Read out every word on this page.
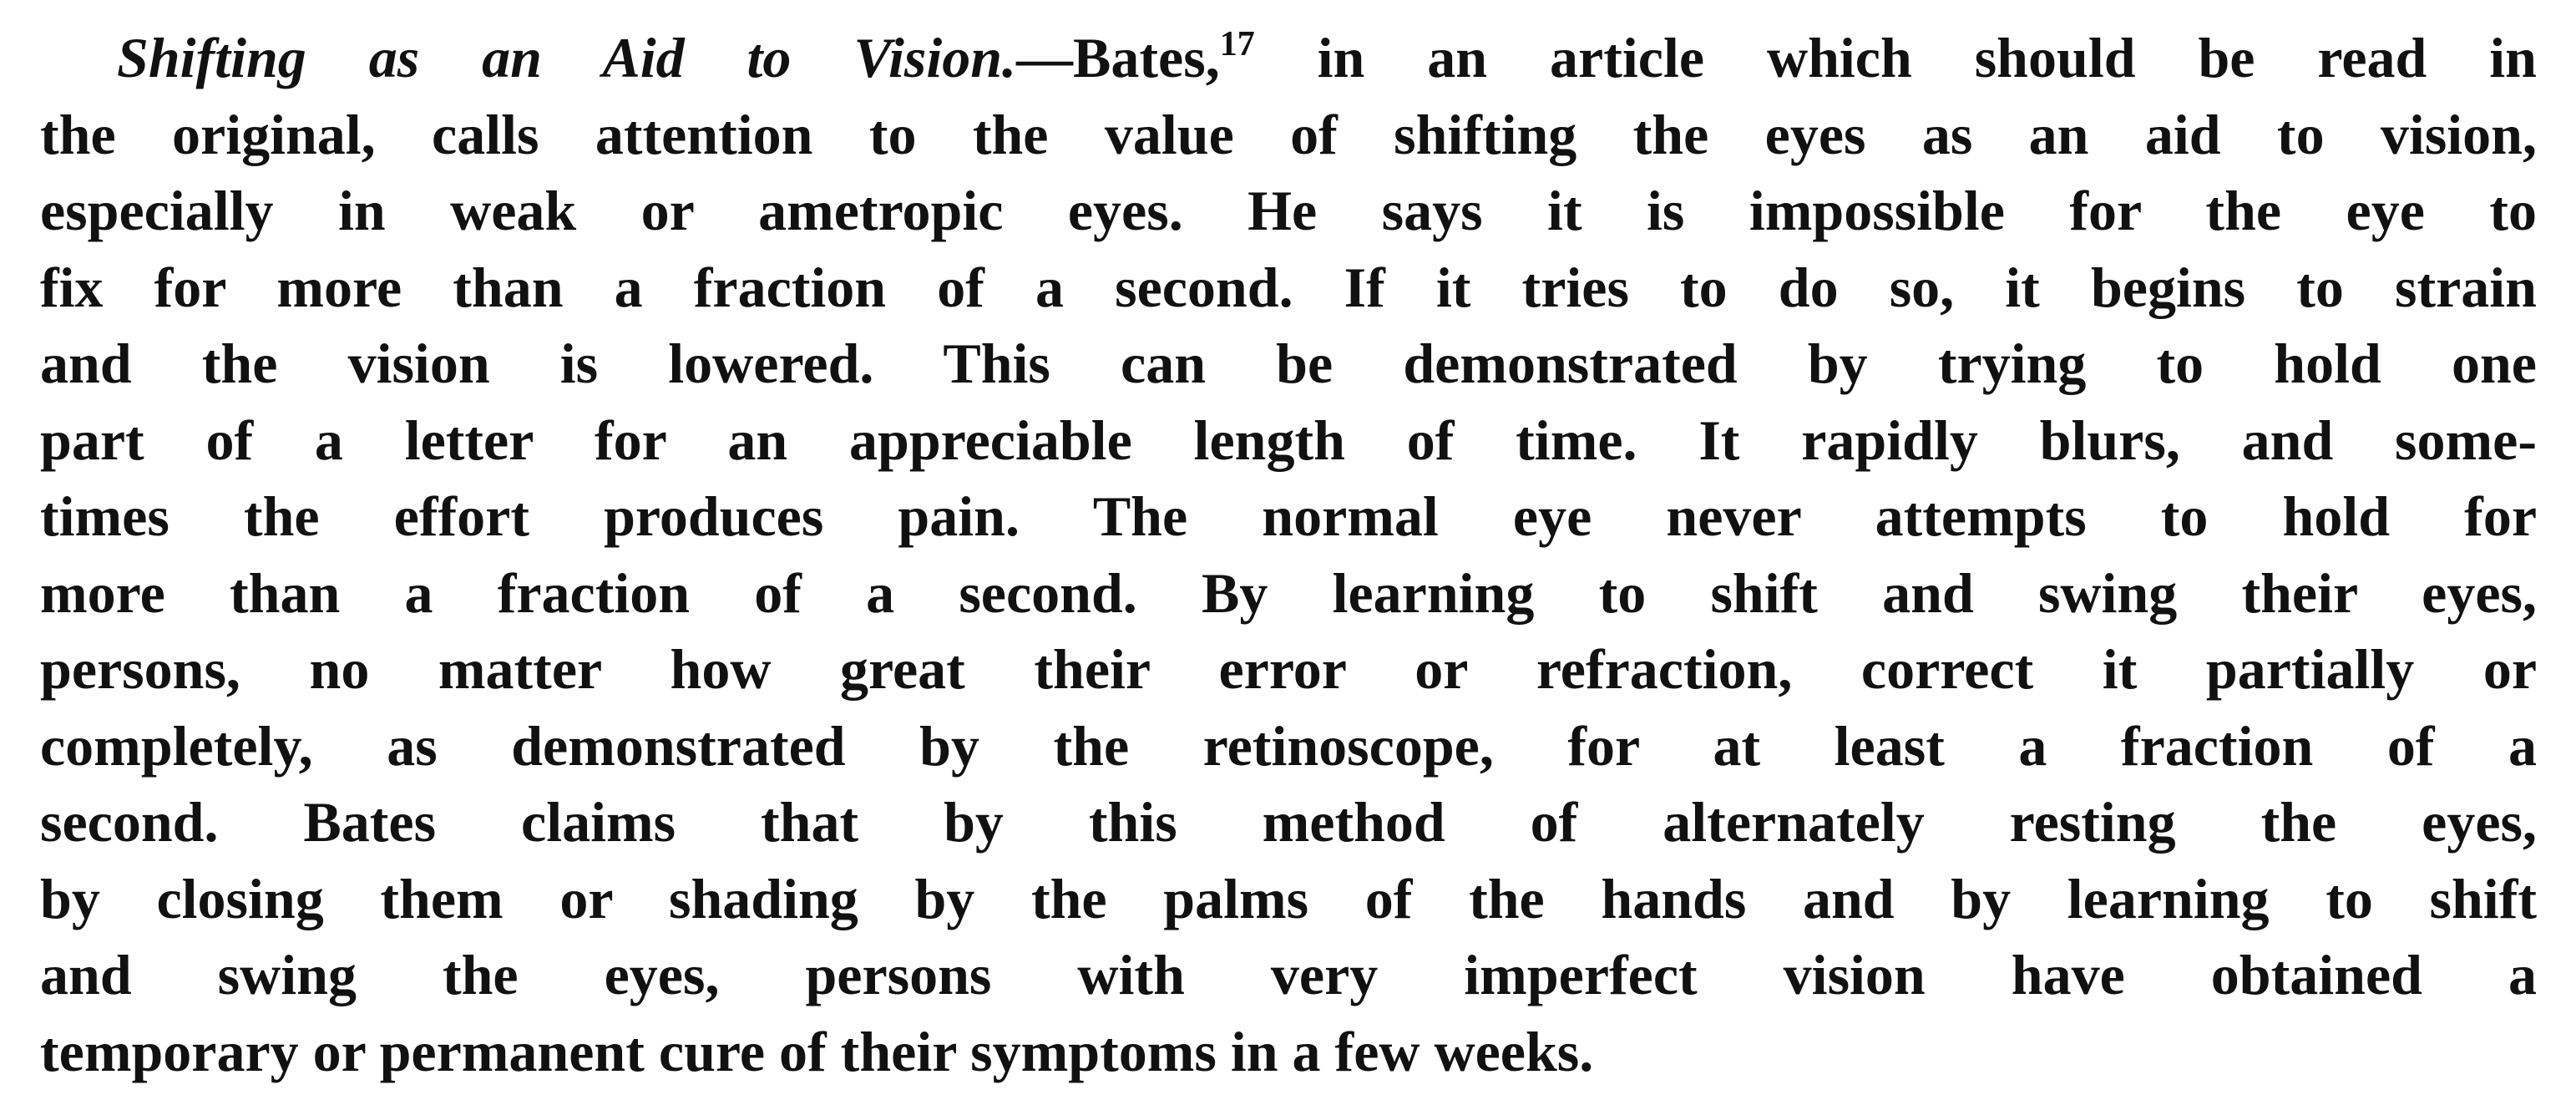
Shifting as an Aid to Vision.—Bates,$^{17}$ in an article which should be read in
the original, calls attention to the value of shifting the eyes as an aid to vision,
especially in weak or ametropic eyes. He says it is impossible for the eye to
fix for more than a fraction of a second. If it tries to do so, it begins to strain
and the vision is lowered. This can be demonstrated by trying to hold one
part of a letter for an appreciable length of time. It rapidly blurs, and some-
times the effort produces pain. The normal eye never attempts to hold for
more than a fraction of a second. By learning to shift and swing their eyes,
persons, no matter how great their error or refraction, correct it partially or
completely, as demonstrated by the retinoscope, for at least a fraction of a
second. Bates claims that by this method of alternately resting the eyes,
by closing them or shading by the palms of the hands and by learning to shift
and swing the eyes, persons with very imperfect vision have obtained a
temporary or permanent cure of their symptoms in a few weeks.
